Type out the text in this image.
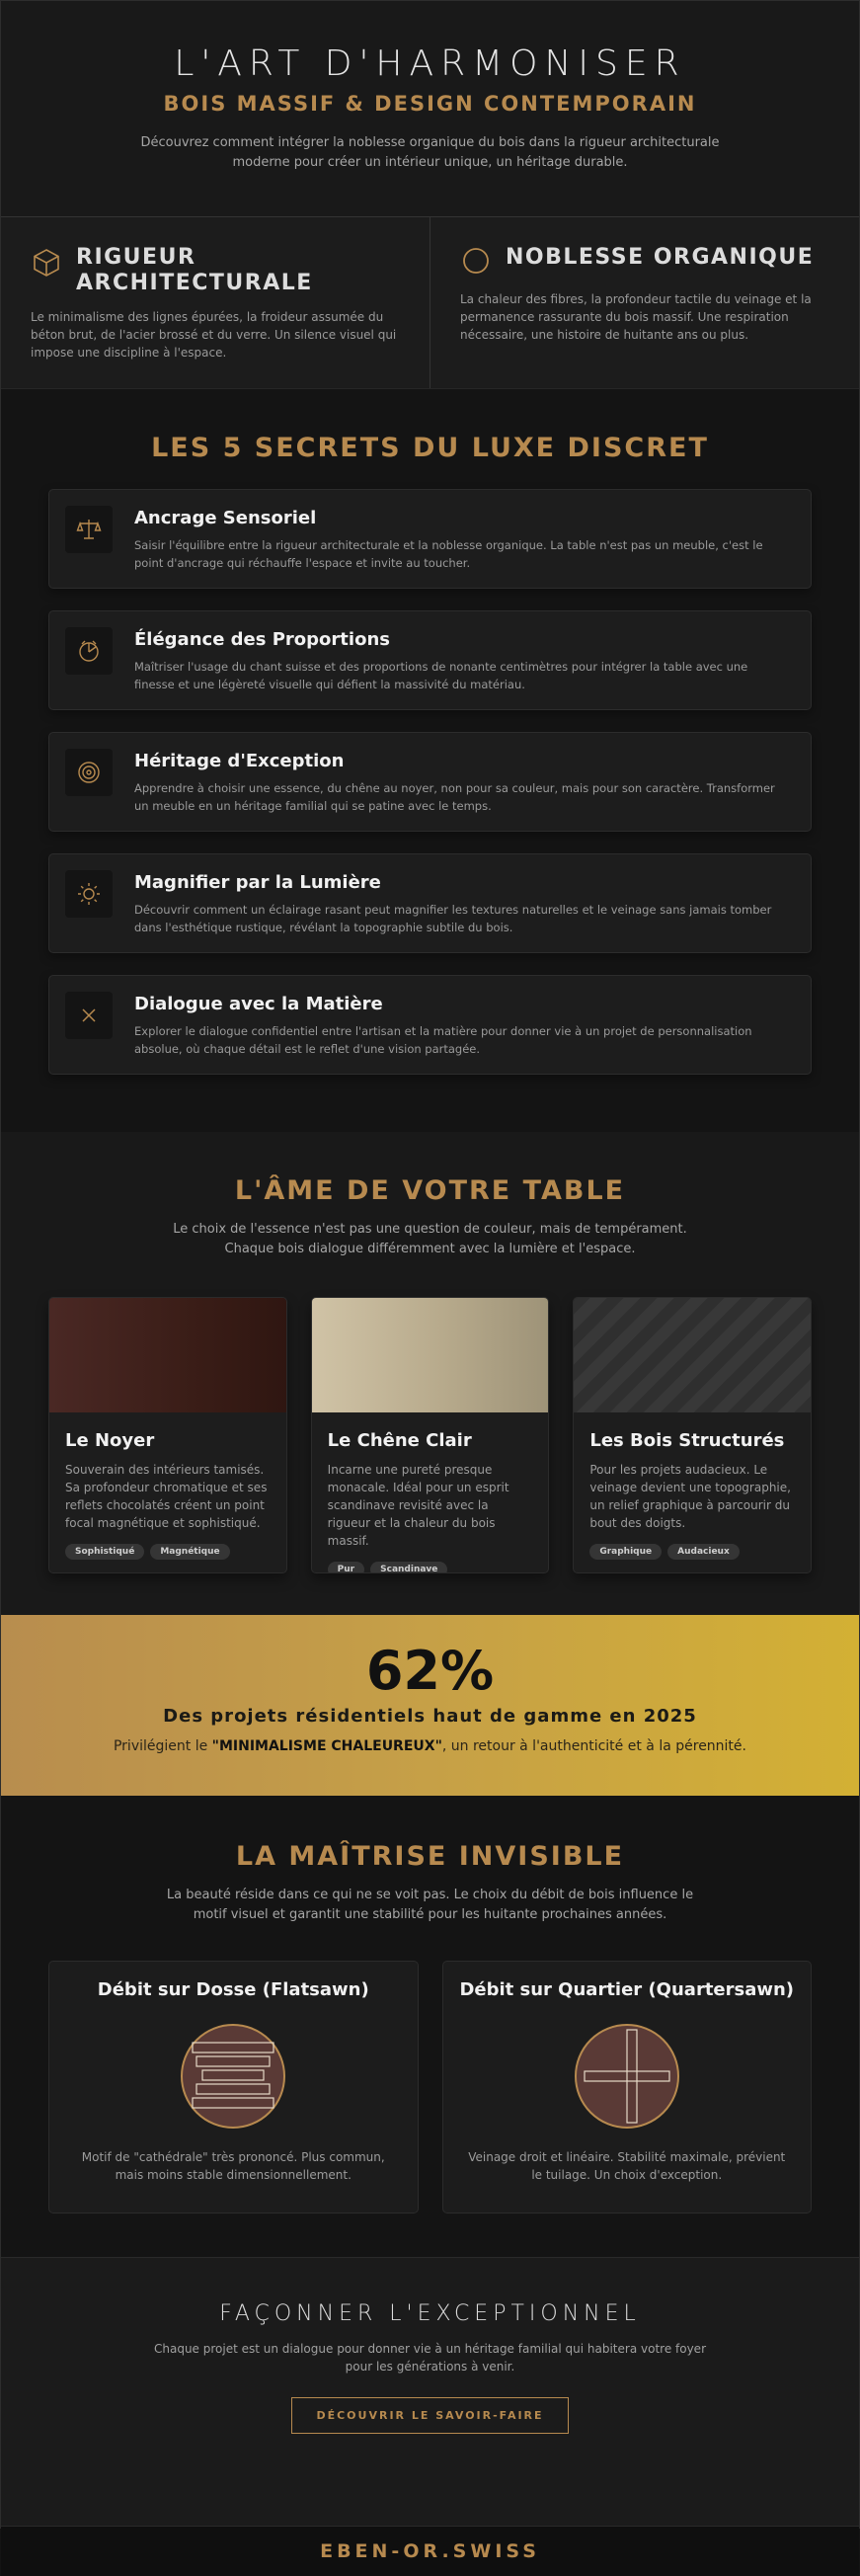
L'ART D'HARMONISER
BOIS MASSIF & DESIGN CONTEMPORAIN

Découvrez comment intégrer la noblesse organique du bois dans la rigueur architecturale moderne pour créer un intérieur unique, un héritage durable.

RIGUEUR ARCHITECTURALE

Le minimalisme des lignes épurées, la froideur assumée du béton brut, de l'acier brossé et du verre. Un silence visuel qui impose une discipline à l'espace.

NOBLESSE ORGANIQUE

La chaleur des fibres, la profondeur tactile du veinage et la permanence rassurante du bois massif. Une respiration nécessaire, une histoire de huitante ans ou plus.

LES 5 SECRETS DU LUXE DISCRET
Ancrage Sensoriel

Saisir l'équilibre entre la rigueur architecturale et la noblesse organique. La table n'est pas un meuble, c'est le point d'ancrage qui réchauffe l'espace et invite au toucher.

Élégance des Proportions

Maîtriser l'usage du chant suisse et des proportions de nonante centimètres pour intégrer la table avec une finesse et une légèreté visuelle qui défient la massivité du matériau.

Héritage d'Exception

Apprendre à choisir une essence, du chêne au noyer, non pour sa couleur, mais pour son caractère. Transformer un meuble en un héritage familial qui se patine avec le temps.

Magnifier par la Lumière

Découvrir comment un éclairage rasant peut magnifier les textures naturelles et le veinage sans jamais tomber dans l'esthétique rustique, révélant la topographie subtile du bois.

Dialogue avec la Matière

Explorer le dialogue confidentiel entre l'artisan et la matière pour donner vie à un projet de personnalisation absolue, où chaque détail est le reflet d'une vision partagée.

L'ÂME DE VOTRE TABLE

Le choix de l'essence n'est pas une question de couleur, mais de tempérament.
Chaque bois dialogue différemment avec la lumière et l'espace.

Le Noyer

Souverain des intérieurs tamisés. Sa profondeur chromatique et ses reflets chocolatés créent un point focal magnétique et sophistiqué.

Sophistiqué	Magnétique
Le Chêne Clair

Incarne une pureté presque monacale. Idéal pour un esprit scandinave revisité avec la rigueur et la chaleur du bois massif.

Pur	Scandinave
Les Bois Structurés

Pour les projets audacieux. Le veinage devient une topographie, un relief graphique à parcourir du bout des doigts.

Graphique	Audacieux
62%
Des projets résidentiels haut de gamme en 2025

Privilégient le "MINIMALISME CHALEUREUX", un retour à l'authenticité et à la pérennité.

LA MAÎTRISE INVISIBLE

La beauté réside dans ce qui ne se voit pas. Le choix du débit de bois influence le motif visuel et garantit une stabilité pour les huitante prochaines années.

Débit sur Dosse (Flatsawn)

Motif de "cathédrale" très prononcé. Plus commun, mais moins stable dimensionnellement.

Débit sur Quartier (Quartersawn)

Veinage droit et linéaire. Stabilité maximale, prévient le tuilage. Un choix d'exception.

FAÇONNER L'EXCEPTIONNEL

Chaque projet est un dialogue pour donner vie à un héritage familial qui habitera votre foyer pour les générations à venir.

DÉCOUVRIR LE SAVOIR-FAIRE
EBEN-OR.SWISS
